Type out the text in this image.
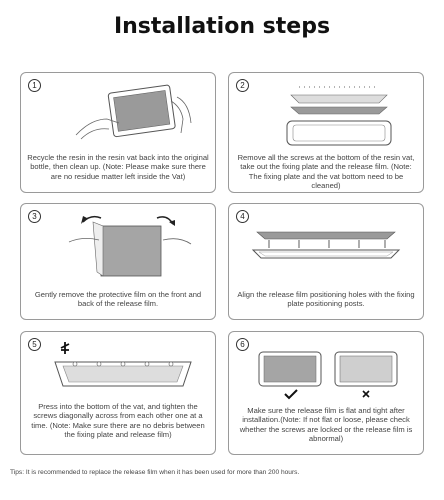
Installation steps
1
Recycle the resin in the resin vat back into the original bottle, then clean up. (Note: Please make sure there are no residue matter left inside the Vat)
2
Remove all the screws at the bottom of the resin vat, take out the fixing plate and the release film. (Note: The fixing plate and the vat bottom need to be cleaned)
3
Gently remove the protective film on the front and back of the release film.
4
Align the release film positioning holes with the fixing plate positioning posts.
5
Press into the bottom of the vat, and tighten the screws diagonally across from each other one at a time. (Note: Make sure there are no debris between the fixing plate and release film)
6
Make sure the release film is flat and tight after installation.(Note: If not flat or loose, please check whether the screws are locked or the release film is abnormal)
Tips: It is recommended to replace the release film when it has been used for more than 200 hours.
